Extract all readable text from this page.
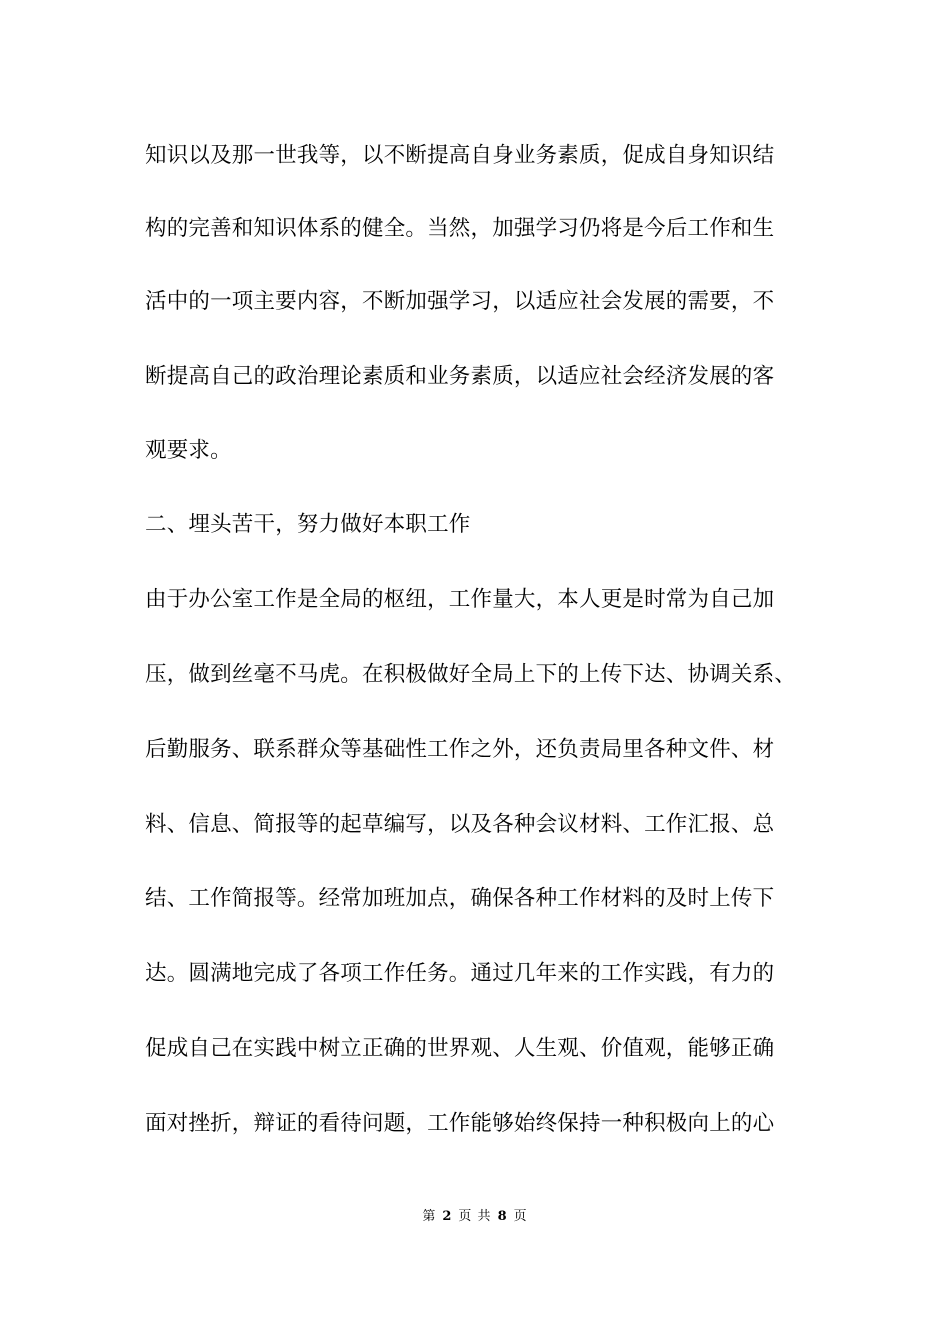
知识以及那一世我等，以不断提高自身业务素质，促成自身知识结
构的完善和知识体系的健全。当然，加强学习仍将是今后工作和生
活中的一项主要内容，不断加强学习，以适应社会发展的需要，不
断提高自己的政治理论素质和业务素质，以适应社会经济发展的客
观要求。
二、埋头苦干，努力做好本职工作
由于办公室工作是全局的枢纽，工作量大，本人更是时常为自己加
压，做到丝毫不马虎。在积极做好全局上下的上传下达、协调关系、
后勤服务、联系群众等基础性工作之外，还负责局里各种文件、材
料、信息、简报等的起草编写，以及各种会议材料、工作汇报、总
结、工作简报等。经常加班加点，确保各种工作材料的及时上传下
达。圆满地完成了各项工作任务。通过几年来的工作实践，有力的
促成自己在实践中树立正确的世界观、人生观、价值观，能够正确
面对挫折，辩证的看待问题，工作能够始终保持一种积极向上的心
第 2 页 共 8 页
